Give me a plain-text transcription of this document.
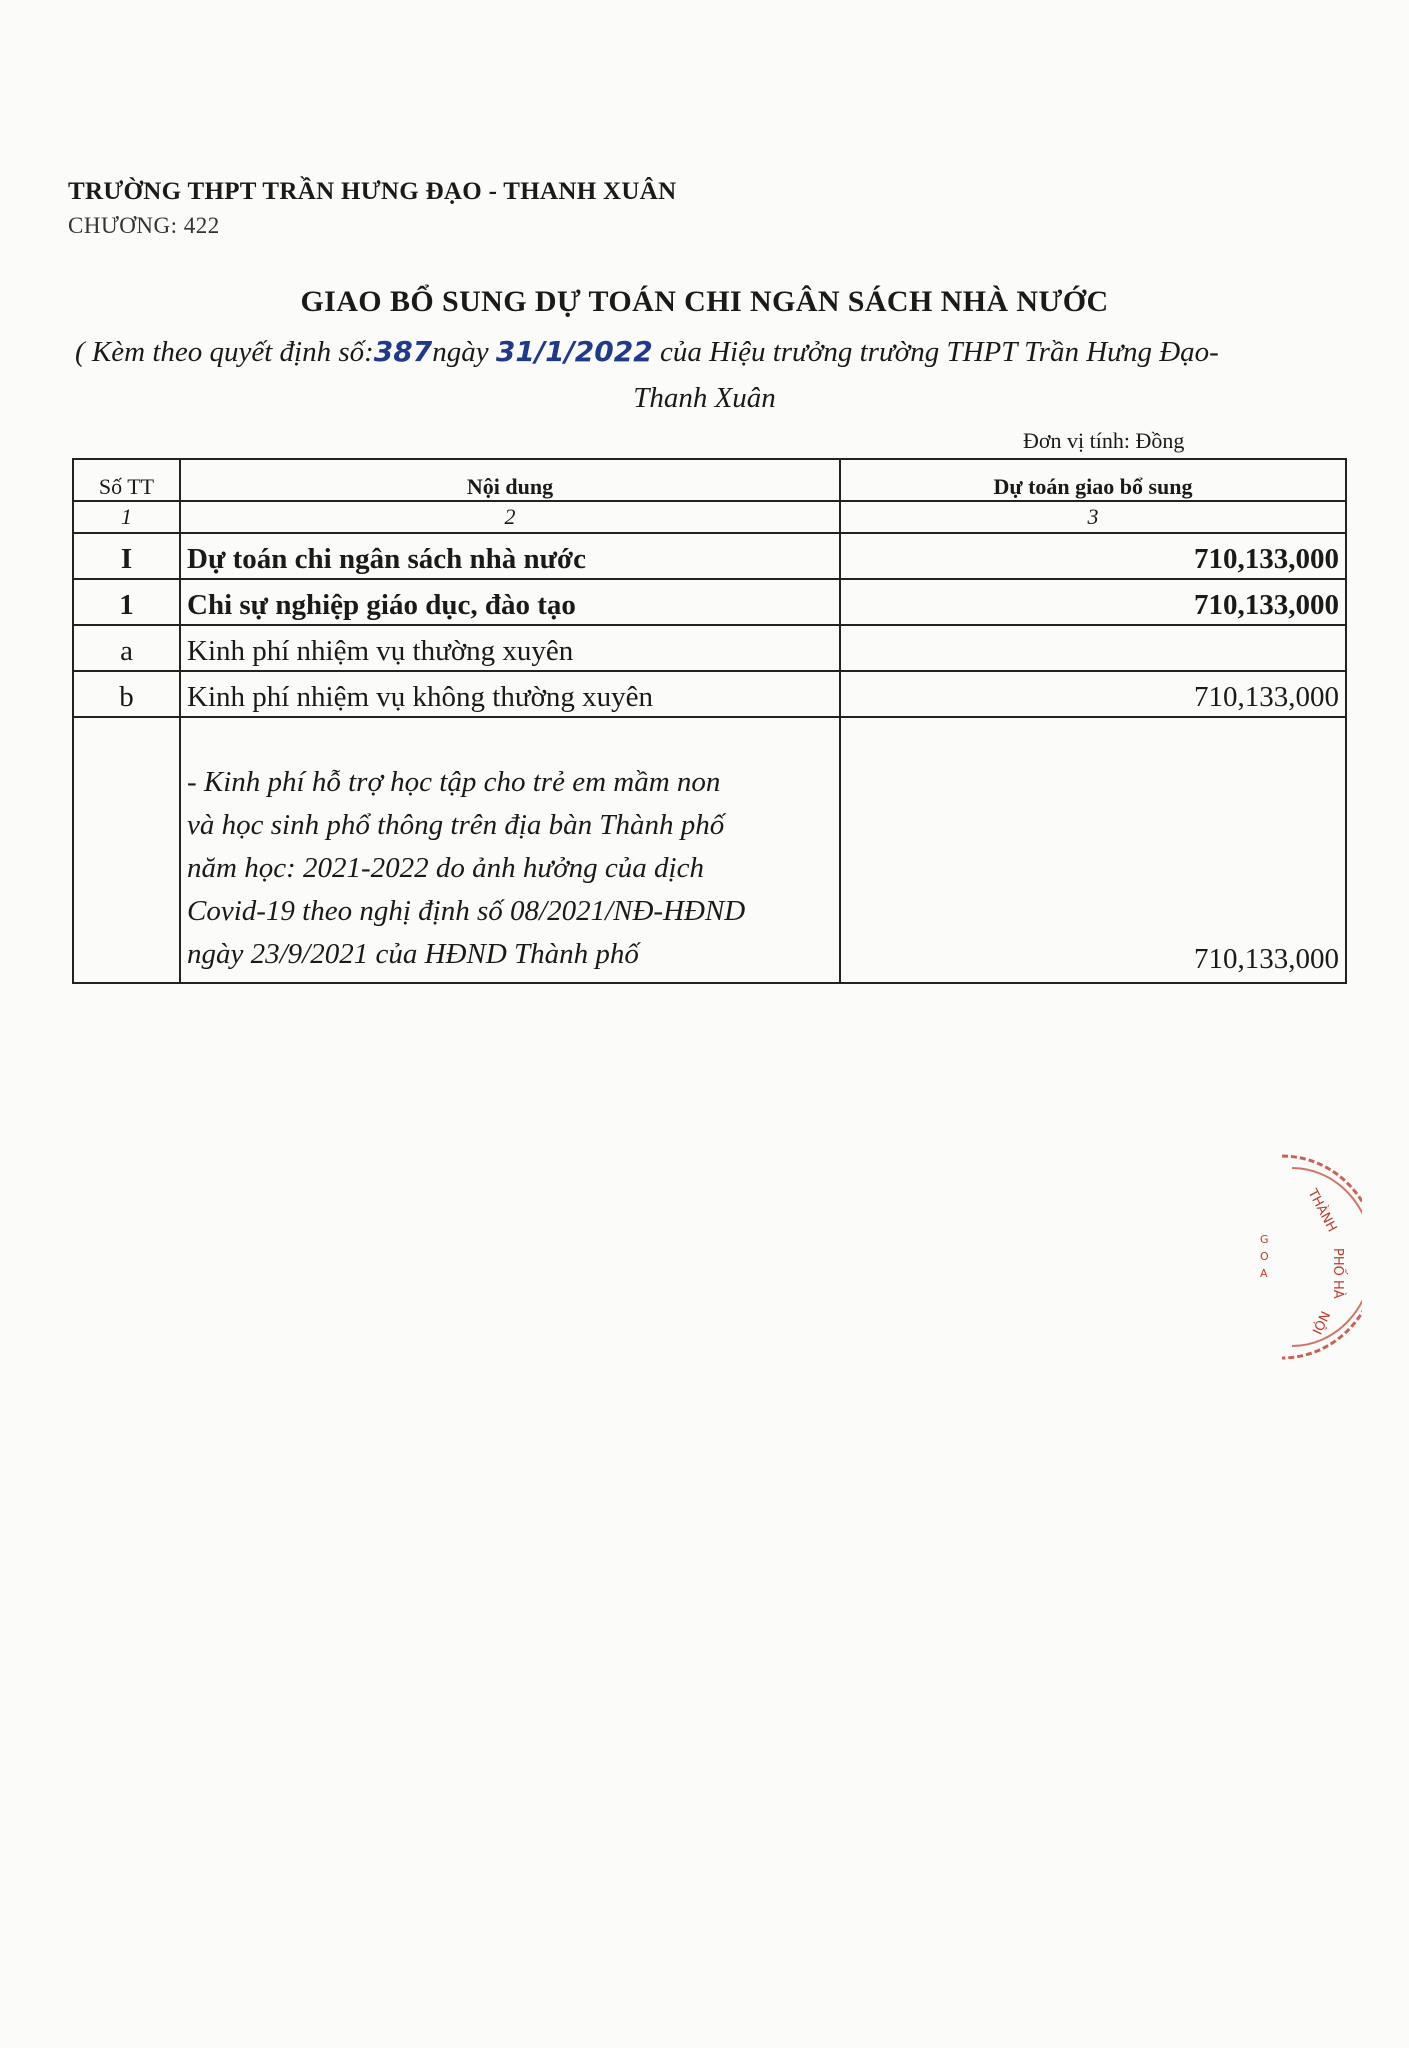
TRƯỜNG THPT TRẦN HƯNG ĐẠO - THANH XUÂN
CHƯƠNG: 422
GIAO BỔ SUNG DỰ TOÁN CHI NGÂN SÁCH NHÀ NƯỚC
( Kèm theo quyết định số:387ngày 31/1/2022 của Hiệu trưởng trường THPT Trần Hưng Đạo-
Thanh Xuân
Đơn vị tính: Đồng
Số TT	Nội dung	Dự toán giao bổ sung
1	2	3
I	Dự toán chi ngân sách nhà nước	710,133,000
1	Chi sự nghiệp giáo dục, đào tạo	710,133,000
a	Kinh phí nhiệm vụ thường xuyên	
b	Kinh phí nhiệm vụ không thường xuyên	710,133,000

	- Kinh phí hỗ trợ học tập cho trẻ em mầm non
và học sinh phổ thông trên địa bàn Thành phố
năm học: 2021-2022 do ảnh hưởng của dịch
Covid-19 theo nghị định số 08/2021/NĐ-HĐND
ngày 23/9/2021 của HĐND Thành phố	710,133,000
THÀNH
PHỐ HÀ
NỘI
G
O
A
